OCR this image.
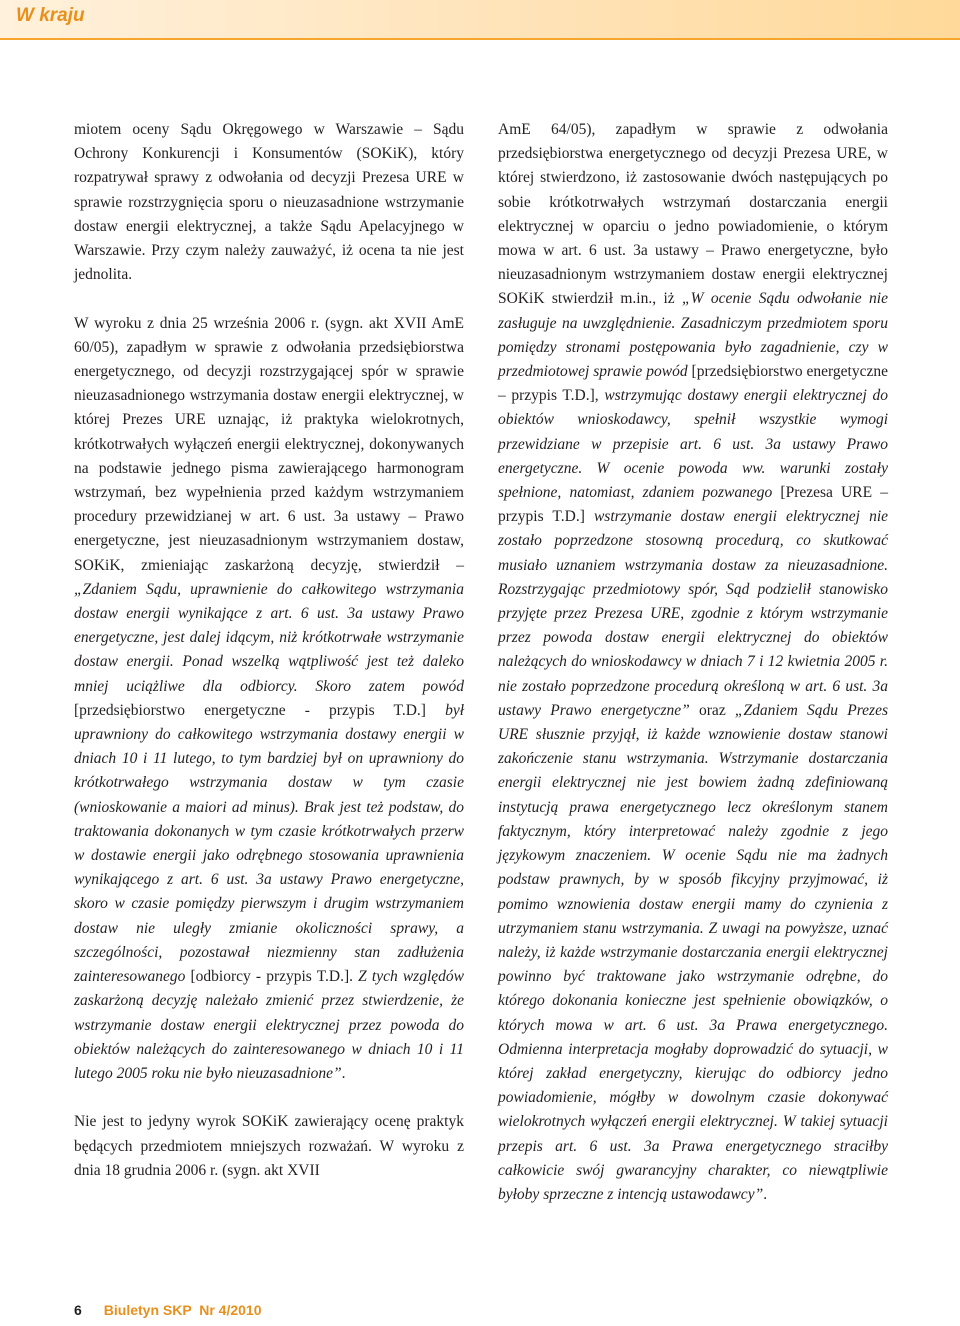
W kraju

miotem oceny Sądu Okręgowego w Warszawie – Sądu Ochrony Konkurencji i Konsumentów (SOKiK), który rozpatrywał sprawy z odwołania od decyzji Prezesa URE w sprawie rozstrzygnięcia sporu o nieuzasadnione wstrzymanie dostaw energii elektrycznej, a także Sądu Apelacyjnego w Warszawie. Przy czym należy zauważyć, iż ocena ta nie jest jednolita.

W wyroku z dnia 25 września 2006 r. (sygn. akt XVII AmE 60/05), zapadłym w sprawie z odwołania przedsiębiorstwa energetycznego, od decyzji rozstrzygającej spór w sprawie nieuzasadnionego wstrzymania dostaw energii elektrycznej, w której Prezes URE uznając, iż praktyka wielokrotnych, krótkotrwałych wyłączeń energii elektrycznej, dokonywanych na podstawie jednego pisma zawierającego harmonogram wstrzymań, bez wypełnienia przed każdym wstrzymaniem procedury przewidzianej w art. 6 ust. 3a ustawy – Prawo energetyczne, jest nieuzasadnionym wstrzymaniem dostaw, SOKiK, zmieniając zaskarżoną decyzję, stwierdził – „Zdaniem Sądu, uprawnienie do całkowitego wstrzymania dostaw energii wynikające z art. 6 ust. 3a ustawy Prawo energetyczne, jest dalej idącym, niż krótkotrwałe wstrzymanie dostaw energii. Ponad wszelką wątpliwość jest też daleko mniej uciążliwe dla odbiorcy. Skoro zatem powód [przedsiębiorstwo energetyczne - przypis T.D.] był uprawniony do całkowitego wstrzymania dostawy energii w dniach 10 i 11 lutego, to tym bardziej był on uprawniony do krótkotrwałego wstrzymania dostaw w tym czasie (wnioskowanie a maiori ad minus). Brak jest też podstaw, do traktowania dokonanych w tym czasie krótkotrwałych przerw w dostawie energii jako odrębnego stosowania uprawnienia wynikającego z art. 6 ust. 3a ustawy Prawo energetyczne, skoro w czasie pomiędzy pierwszym i drugim wstrzymaniem dostaw nie uległy zmianie okoliczności sprawy, a szczególności, pozostawał niezmienny stan zadłużenia zainteresowanego [odbiorcy - przypis T.D.]. Z tych względów zaskarżoną decyzję należało zmienić przez stwierdzenie, że wstrzymanie dostaw energii elektrycznej przez powoda do obiektów należących do zainteresowanego w dniach 10 i 11 lutego 2005 roku nie było nieuzasadnione”.

Nie jest to jedyny wyrok SOKiK zawierający ocenę praktyk będących przedmiotem mniejszych rozważań. W wyroku z dnia 18 grudnia 2006 r. (sygn. akt XVII

AmE 64/05), zapadłym w sprawie z odwołania przedsiębiorstwa energetycznego od decyzji Prezesa URE, w której stwierdzono, iż zastosowanie dwóch następujących po sobie krótkotrwałych wstrzymań dostarczania energii elektrycznej w oparciu o jedno powiadomienie, o którym mowa w art. 6 ust. 3a ustawy – Prawo energetyczne, było nieuzasadnionym wstrzymaniem dostaw energii elektrycznej SOKiK stwierdził m.in., iż „W ocenie Sądu odwołanie nie zasługuje na uwzględnienie. Zasadniczym przedmiotem sporu pomiędzy stronami postępowania było zagadnienie, czy w przedmiotowej sprawie powód [przedsiębiorstwo energetyczne – przypis T.D.], wstrzymując dostawy energii elektrycznej do obiektów wnioskodawcy, spełnił wszystkie wymogi przewidziane w przepisie art. 6 ust. 3a ustawy Prawo energetyczne. W ocenie powoda ww. warunki zostały spełnione, natomiast, zdaniem pozwanego [Prezesa URE – przypis T.D.] wstrzymanie dostaw energii elektrycznej nie zostało poprzedzone stosowną procedurą, co skutkować musiało uznaniem wstrzymania dostaw za nieuzasadnione. Rozstrzygając przedmiotowy spór, Sąd podzielił stanowisko przyjęte przez Prezesa URE, zgodnie z którym wstrzymanie przez powoda dostaw energii elektrycznej do obiektów należących do wnioskodawcy w dniach 7 i 12 kwietnia 2005 r. nie zostało poprzedzone procedurą określoną w art. 6 ust. 3a ustawy Prawo energetyczne” oraz „Zdaniem Sądu Prezes URE słusznie przyjął, iż każde wznowienie dostaw stanowi zakończenie stanu wstrzymania. Wstrzymanie dostarczania energii elektrycznej nie jest bowiem żadną zdefiniowaną instytucją prawa energetycznego lecz określonym stanem faktycznym, który interpretować należy zgodnie z jego językowym znaczeniem. W ocenie Sądu nie ma żadnych podstaw prawnych, by w sposób fikcyjny przyjmować, iż pomimo wznowienia dostaw energii mamy do czynienia z utrzymaniem stanu wstrzymania. Z uwagi na powyższe, uznać należy, iż każde wstrzymanie dostarczania energii elektrycznej powinno być traktowane jako wstrzymanie odrębne, do którego dokonania konieczne jest spełnienie obowiązków, o których mowa w art. 6 ust. 3a Prawa energetycznego. Odmienna interpretacja mogłaby doprowadzić do sytuacji, w której zakład energetyczny, kierując do odbiorcy jedno powiadomienie, mógłby w dowolnym czasie dokonywać wielokrotnych wyłączeń energii elektrycznej. W takiej sytuacji przepis art. 6 ust. 3a Prawa energetycznego straciłby całkowicie swój gwarancyjny charakter, co niewątpliwie byłoby sprzeczne z intencją ustawodawcy”.

6 Biuletyn SKP  Nr 4/2010
